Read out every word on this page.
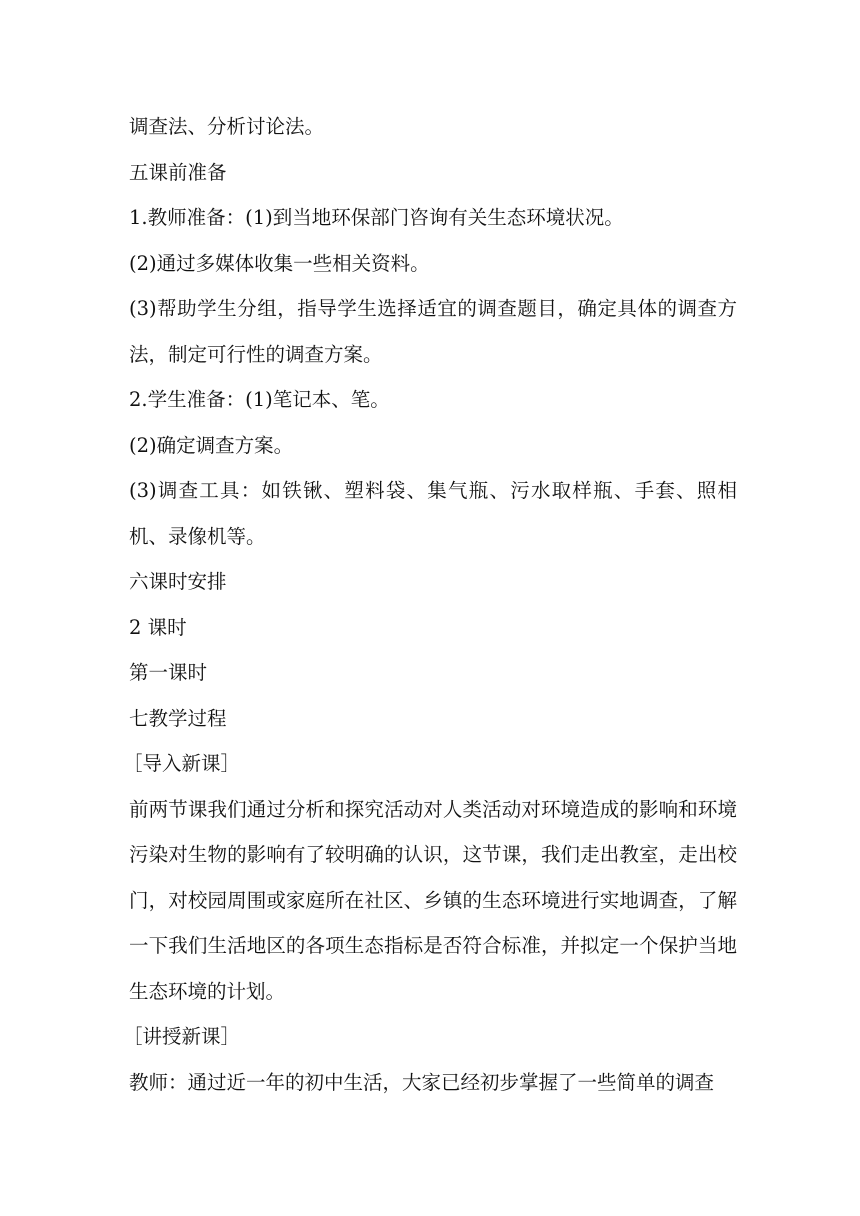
调查法、分析讨论法。

五课前准备

1.教师准备：(1)到当地环保部门咨询有关生态环境状况。

(2)通过多媒体收集一些相关资料。

(3)帮助学生分组，指导学生选择适宜的调查题目，确定具体的调查方法，制定可行性的调查方案。

2.学生准备：(1)笔记本、笔。

(2)确定调查方案。

(3)调查工具：如铁锹、塑料袋、集气瓶、污水取样瓶、手套、照相机、录像机等。

六课时安排

2 课时

第一课时

七教学过程

［导入新课］

前两节课我们通过分析和探究活动对人类活动对环境造成的影响和环境污染对生物的影响有了较明确的认识，这节课，我们走出教室，走出校门，对校园周围或家庭所在社区、乡镇的生态环境进行实地调查，了解一下我们生活地区的各项生态指标是否符合标准，并拟定一个保护当地生态环境的计划。

［讲授新课］

教师：通过近一年的初中生活，大家已经初步掌握了一些简单的调查
